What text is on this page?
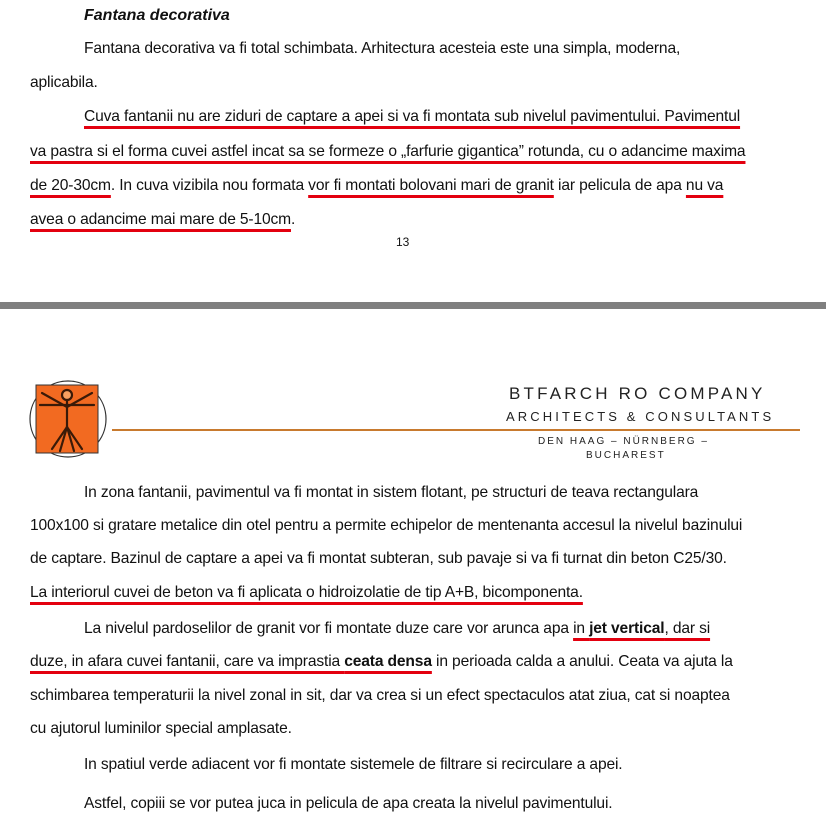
Fantana decorativa
Fantana decorativa va fi total schimbata. Arhitectura acesteia este una simpla, moderna,
aplicabila.
Cuva fantanii nu are ziduri de captare a apei si va fi montata sub nivelul pavimentului. Pavimentul
va pastra si el forma cuvei astfel incat sa se formeze o „farfurie gigantica” rotunda, cu o adancime maxima
de 20-30cm. In cuva vizibila nou formata vor fi montati bolovani mari de granit iar pelicula de apa nu va
avea o adancime mai mare de 5-10cm.
13
BTFARCH RO COMPANY
ARCHITECTS & CONSULTANTS
DEN HAAG – NÜRNBERG –
BUCHAREST
In zona fantanii, pavimentul va fi montat in sistem flotant, pe structuri de teava rectangulara
100x100 si gratare metalice din otel pentru a permite echipelor de mentenanta accesul la nivelul bazinului
de captare. Bazinul de captare a apei va fi montat subteran, sub pavaje si va fi turnat din beton C25/30.
La interiorul cuvei de beton va fi aplicata o hidroizolatie de tip A+B, bicomponenta.
La nivelul pardoselilor de granit vor fi montate duze care vor arunca apa in jet vertical, dar si
duze, in afara cuvei fantanii, care va imprastia ceata densa in perioada calda a anului. Ceata va ajuta la
schimbarea temperaturii la nivel zonal in sit, dar va crea si un efect spectaculos atat ziua, cat si noaptea
cu ajutorul luminilor special amplasate.
In spatiul verde adiacent vor fi montate sistemele de filtrare si recirculare a apei.
Astfel, copiii se vor putea juca in pelicula de apa creata la nivelul pavimentului.
